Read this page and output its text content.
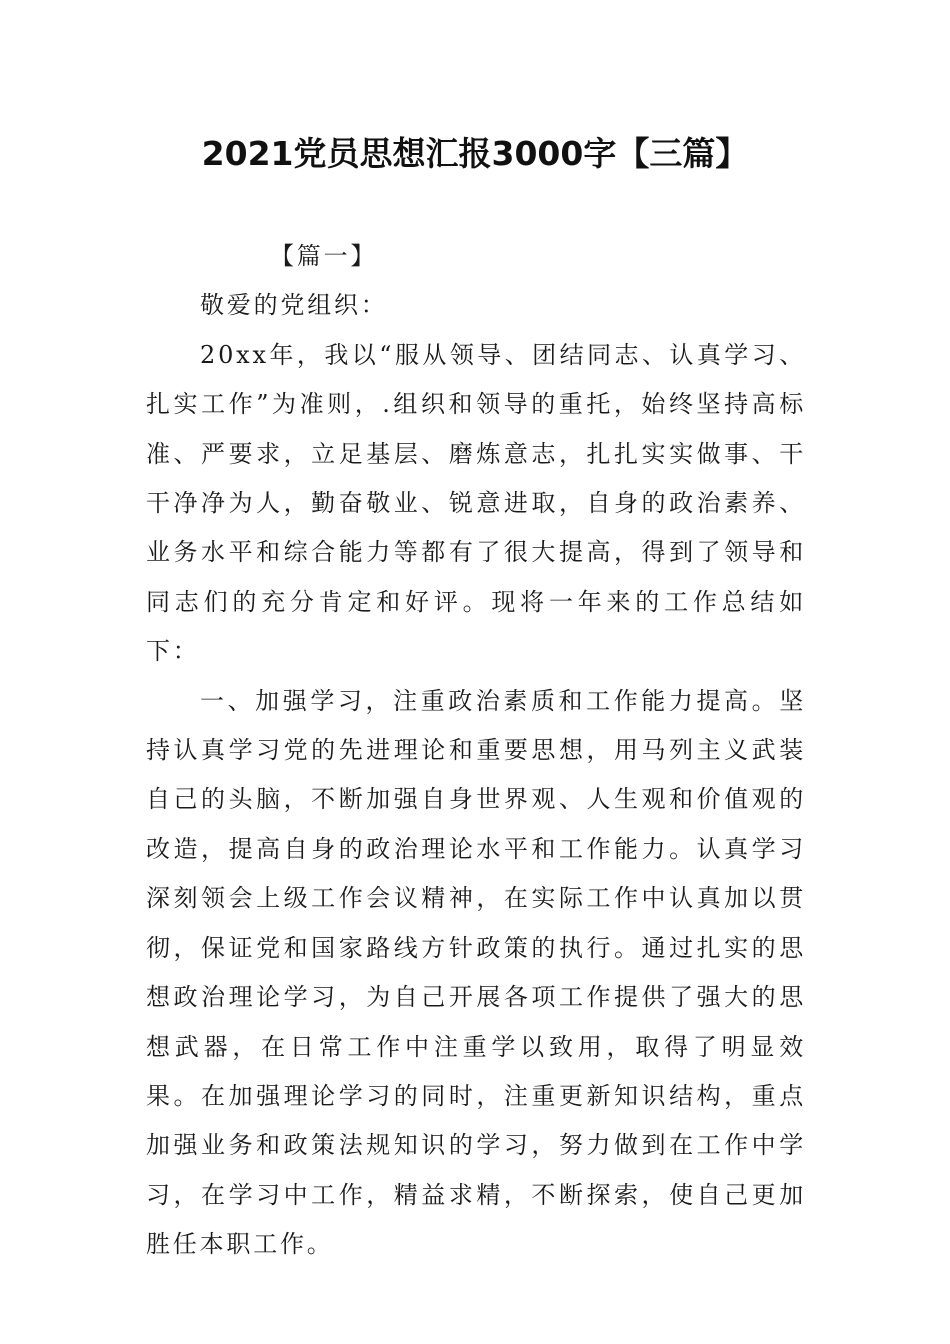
2021党员思想汇报3000字【三篇】

【篇一】

敬爱的党组织：

20xx年，我以“服从领导、团结同志、认真学习、扎实工作”为准则，.组织和领导的重托，始终坚持高标准、严要求，立足基层、磨炼意志，扎扎实实做事、干干净净为人，勤奋敬业、锐意进取，自身的政治素养、业务水平和综合能力等都有了很大提高，得到了领导和同志们的充分肯定和好评。现将一年来的工作总结如下：

一、加强学习，注重政治素质和工作能力提高。坚持认真学习党的先进理论和重要思想，用马列主义武装自己的头脑，不断加强自身世界观、人生观和价值观的改造，提高自身的政治理论水平和工作能力。认真学习深刻领会上级工作会议精神，在实际工作中认真加以贯彻，保证党和国家路线方针政策的执行。通过扎实的思想政治理论学习，为自己开展各项工作提供了强大的思想武器，在日常工作中注重学以致用，取得了明显效果。在加强理论学习的同时，注重更新知识结构，重点加强业务和政策法规知识的学习，努力做到在工作中学习，在学习中工作，精益求精，不断探索，使自己更加胜任本职工作。
